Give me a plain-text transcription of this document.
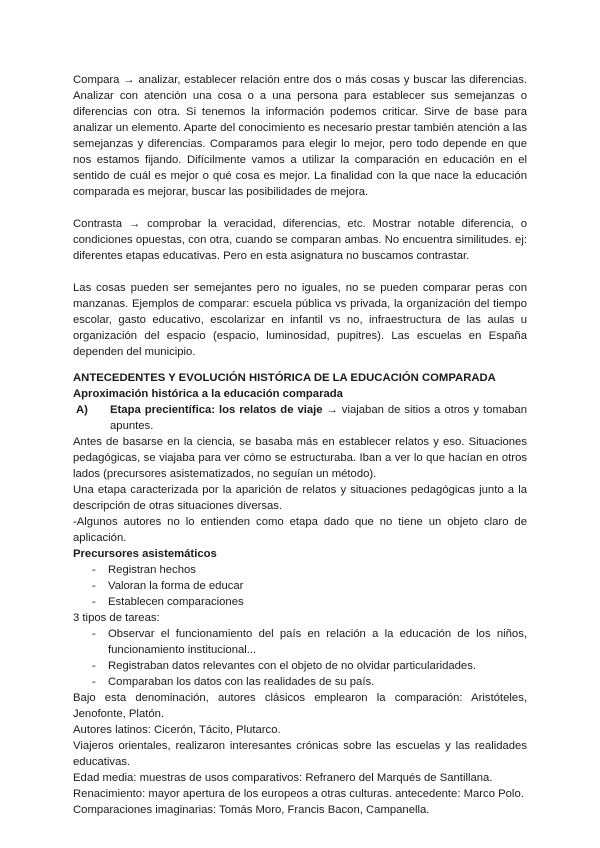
Compara → analizar, establecer relación entre dos o más cosas y buscar las diferencias. Analizar con atención una cosa o a una persona para establecer sus semejanzas o diferencias con otra. Si tenemos la información podemos criticar. Sirve de base para analizar un elemento. Aparte del conocimiento es necesario prestar también atención a las semejanzas y diferencias. Comparamos para elegir lo mejor, pero todo depende en que nos estamos fijando. Difícilmente vamos a utilizar la comparación en educación en el sentido de cuál es mejor o qué cosa es mejor. La finalidad con la que nace la educación comparada es mejorar, buscar las posibilidades de mejora.

Contrasta → comprobar la veracidad, diferencias, etc. Mostrar notable diferencia, o condiciones opuestas, con otra, cuando se comparan ambas. No encuentra similitudes. ej: diferentes etapas educativas. Pero en esta asignatura no buscamos contrastar.

Las cosas pueden ser semejantes pero no iguales, no se pueden comparar peras con manzanas. Ejemplos de comparar: escuela pública vs privada, la organización del tiempo escolar, gasto educativo, escolarizar en infantil vs no, infraestructura de las aulas u organización del espacio (espacio, luminosidad, pupitres). Las escuelas en España dependen del municipio.

ANTECEDENTES Y EVOLUCIÓN HISTÓRICA DE LA EDUCACIÓN COMPARADA

Aproximación histórica a la educación comparada

A)	Etapa precientífica: los relatos de viaje → viajaban de sitios a otros y tomaban apuntes.

Antes de basarse en la ciencia, se basaba más en establecer relatos y eso. Situaciones pedagógicas, se viajaba para ver cómo se estructuraba. Iban a ver lo que hacían en otros lados (precursores asistematizados, no seguían un método).

Una etapa caracterizada por la aparición de relatos y situaciones pedagógicas junto a la descripción de otras situaciones diversas.

-Algunos autores no lo entienden como etapa dado que no tiene un objeto claro de aplicación.

Precursores asistemáticos

-	Registran hechos
-	Valoran la forma de educar
-	Establecen comparaciones

3 tipos de tareas:

-	Observar el funcionamiento del país en relación a la educación de los niños, funcionamiento institucional...
-	Registraban datos relevantes con el objeto de no olvidar particularidades.
-	Comparaban los datos con las realidades de su país.

Bajo esta denominación, autores clásicos emplearon la comparación: Aristóteles, Jenofonte, Platón.

Autores latinos: Cicerón, Tácito, Plutarco.

Viajeros orientales, realizaron interesantes crónicas sobre las escuelas y las realidades educativas.

Edad media: muestras de usos comparativos: Refranero del Marqués de Santillana.

Renacimiento: mayor apertura de los europeos a otras culturas. antecedente: Marco Polo.

Comparaciones imaginarias: Tomás Moro, Francis Bacon, Campanella.
